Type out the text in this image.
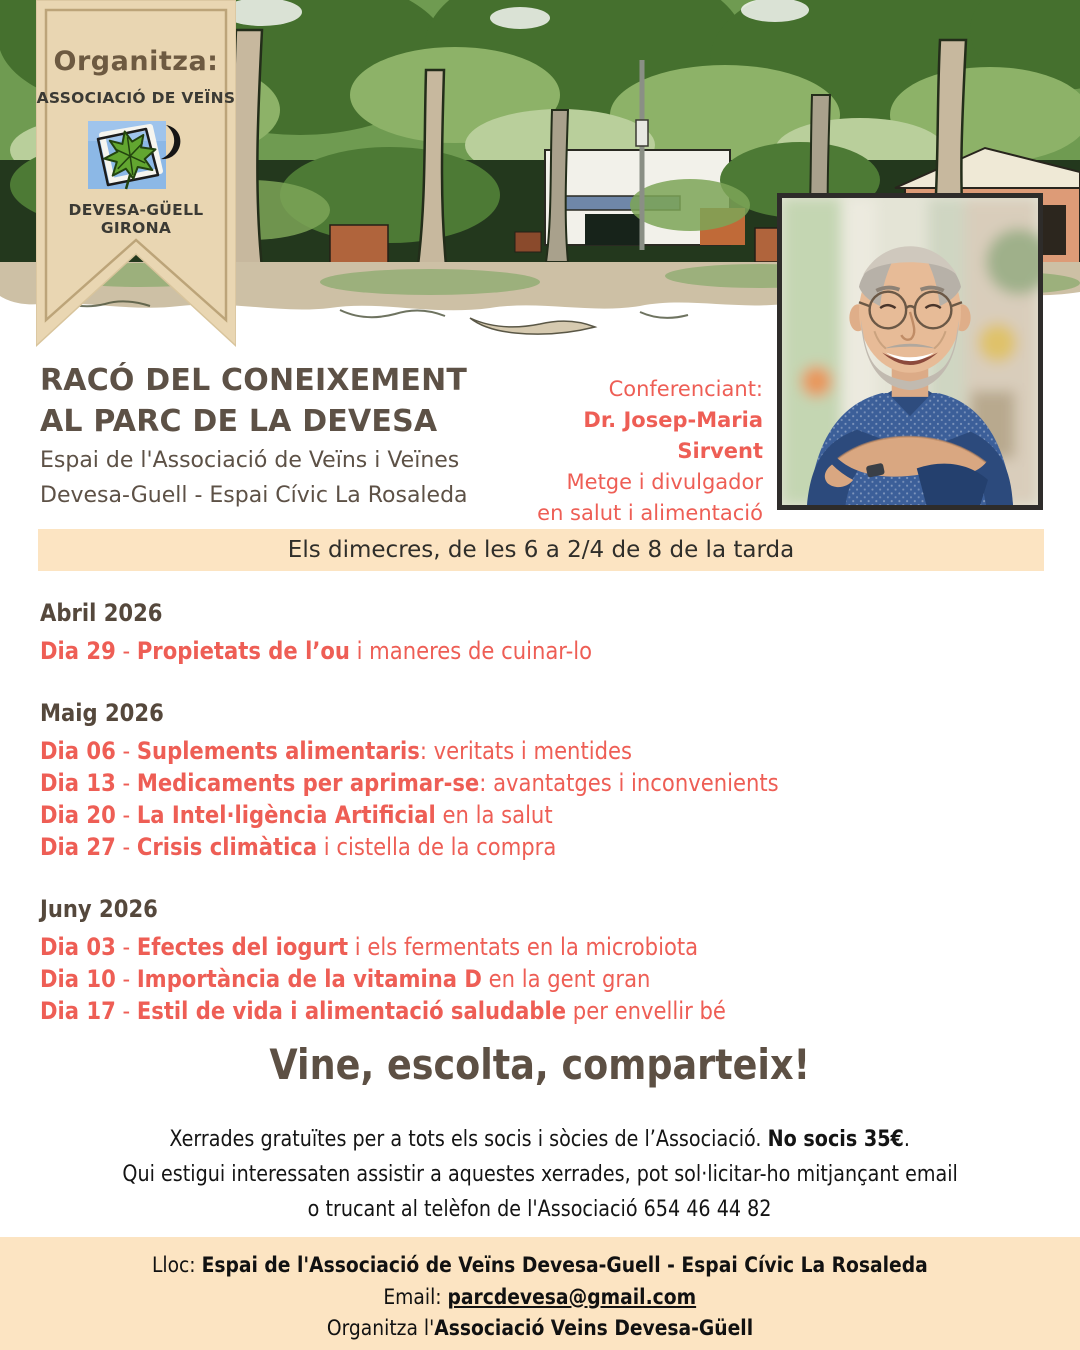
Organitza:
ASSOCIACIÓ DE VEÏNS
DEVESA-GÜELL GIRONA
RACÓ DEL CONEIXEMENT
AL PARC DE LA DEVESA
Espai de l'Associació de Veïns i Veïnes
Devesa-Guell - Espai Cívic La Rosaleda
Conferenciant:
Dr. Josep-Maria
Sirvent
Metge i divulgador
en salut i alimentació
Els dimecres, de les 6 a 2/4 de 8 de la tarda
Abril 2026

Dia 29 - Propietats de l’ou i maneres de cuinar-lo

Maig 2026

Dia 06 - Suplements alimentaris: veritats i mentides

Dia 13 - Medicaments per aprimar-se: avantatges i inconvenients

Dia 20 - La Intel·ligència Artificial en la salut

Dia 27 - Crisis climàtica i cistella de la compra

Juny 2026

Dia 03 - Efectes del iogurt i els fermentats en la microbiota

Dia 10 - Importància de la vitamina D en la gent gran

Dia 17 - Estil de vida i alimentació saludable per envellir bé

Vine, escolta, comparteix!
Xerrades gratuïtes per a tots els socis i sòcies de l’Associació. No socis 35€.
Qui estigui interessaten assistir a aquestes xerrades, pot sol·licitar-ho mitjançant email
o trucant al telèfon de l'Associació 654 46 44 82
Lloc: Espai de l'Associació de Veïns Devesa-Guell - Espai Cívic La Rosaleda
Email: parcdevesa@gmail.com
Organitza l'Associació Veins Devesa-Güell
